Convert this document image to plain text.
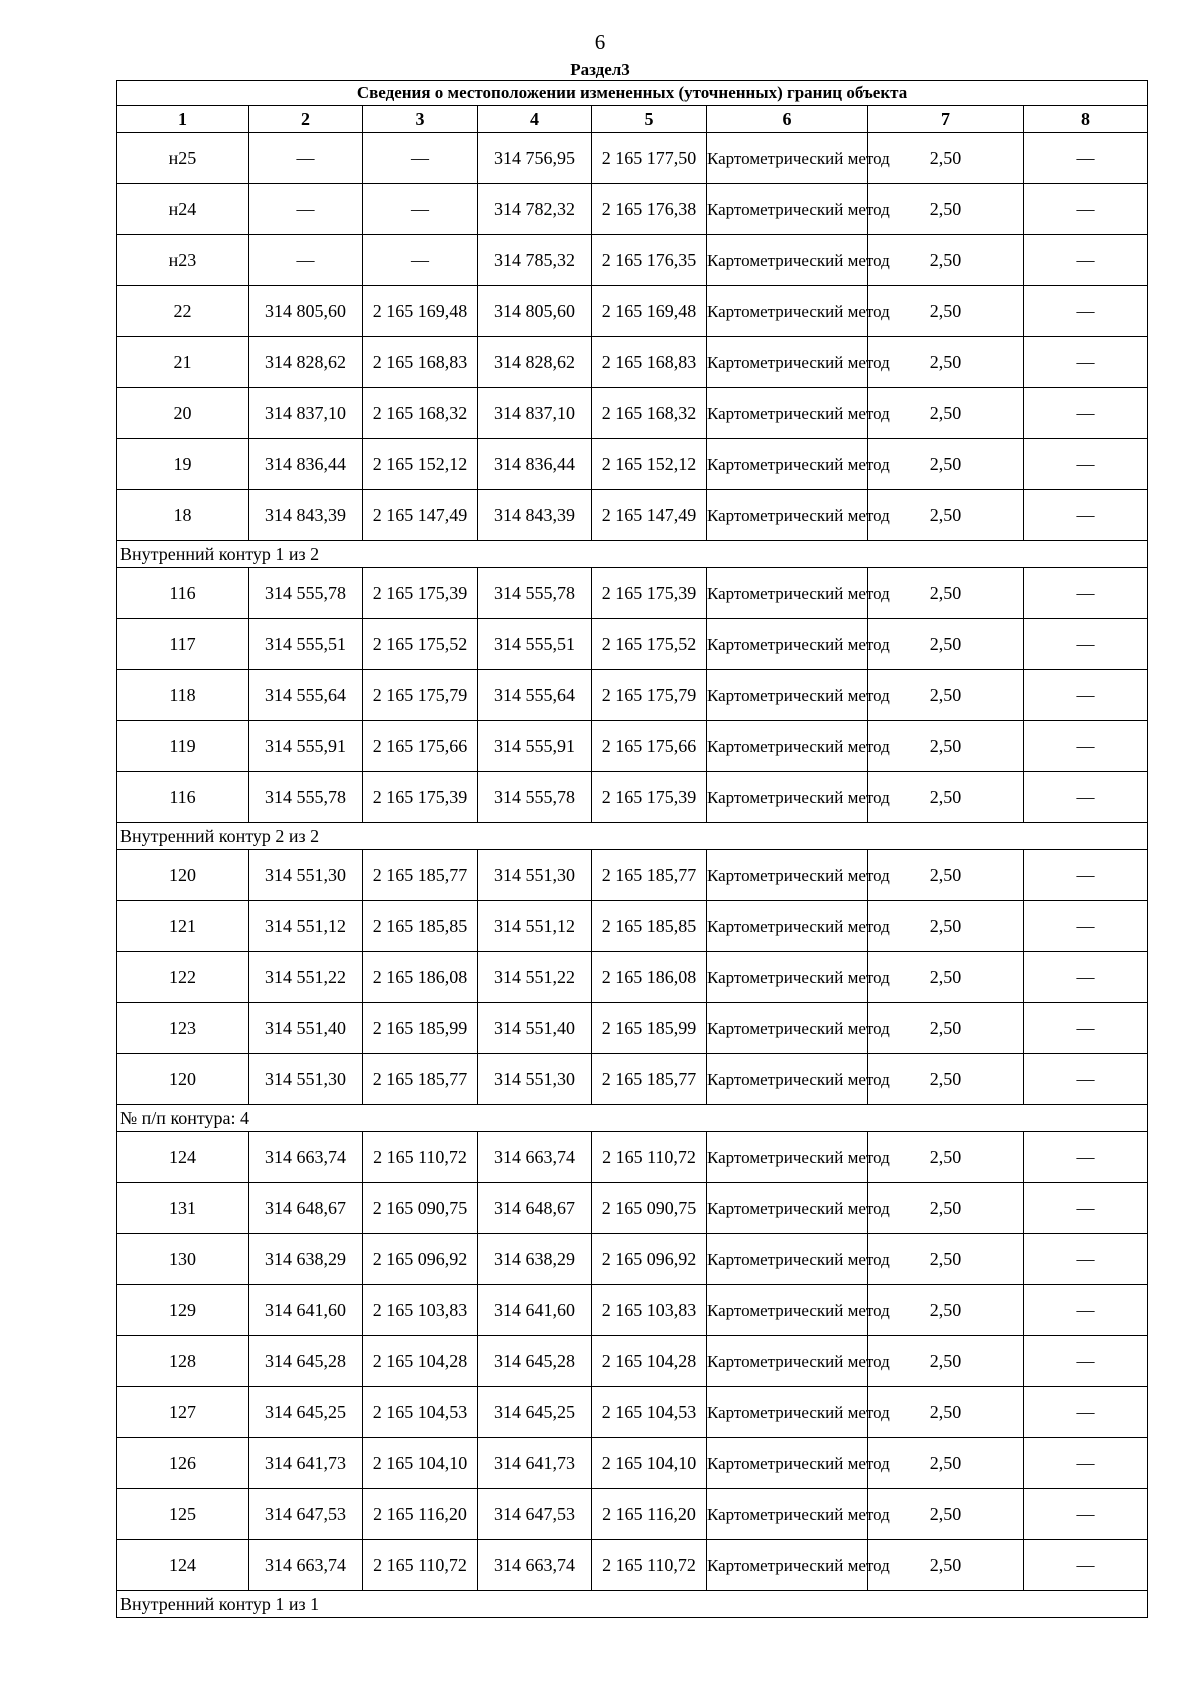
6
Раздел3
Сведения о местоположении измененных (уточненных) границ объекта							
1	2	3	4	5	6	7	8
н25	—	—	314 756,95	2 165 177,50	Картометрический метод	2,50	—
н24	—	—	314 782,32	2 165 176,38	Картометрический метод	2,50	—
н23	—	—	314 785,32	2 165 176,35	Картометрический метод	2,50	—
22	314 805,60	2 165 169,48	314 805,60	2 165 169,48	Картометрический метод	2,50	—
21	314 828,62	2 165 168,83	314 828,62	2 165 168,83	Картометрический метод	2,50	—
20	314 837,10	2 165 168,32	314 837,10	2 165 168,32	Картометрический метод	2,50	—
19	314 836,44	2 165 152,12	314 836,44	2 165 152,12	Картометрический метод	2,50	—
18	314 843,39	2 165 147,49	314 843,39	2 165 147,49	Картометрический метод	2,50	—
Внутренний контур 1 из 2							
116	314 555,78	2 165 175,39	314 555,78	2 165 175,39	Картометрический метод	2,50	—
117	314 555,51	2 165 175,52	314 555,51	2 165 175,52	Картометрический метод	2,50	—
118	314 555,64	2 165 175,79	314 555,64	2 165 175,79	Картометрический метод	2,50	—
119	314 555,91	2 165 175,66	314 555,91	2 165 175,66	Картометрический метод	2,50	—
116	314 555,78	2 165 175,39	314 555,78	2 165 175,39	Картометрический метод	2,50	—
Внутренний контур 2 из 2							
120	314 551,30	2 165 185,77	314 551,30	2 165 185,77	Картометрический метод	2,50	—
121	314 551,12	2 165 185,85	314 551,12	2 165 185,85	Картометрический метод	2,50	—
122	314 551,22	2 165 186,08	314 551,22	2 165 186,08	Картометрический метод	2,50	—
123	314 551,40	2 165 185,99	314 551,40	2 165 185,99	Картометрический метод	2,50	—
120	314 551,30	2 165 185,77	314 551,30	2 165 185,77	Картометрический метод	2,50	—
№ п/п контура: 4							
124	314 663,74	2 165 110,72	314 663,74	2 165 110,72	Картометрический метод	2,50	—
131	314 648,67	2 165 090,75	314 648,67	2 165 090,75	Картометрический метод	2,50	—
130	314 638,29	2 165 096,92	314 638,29	2 165 096,92	Картометрический метод	2,50	—
129	314 641,60	2 165 103,83	314 641,60	2 165 103,83	Картометрический метод	2,50	—
128	314 645,28	2 165 104,28	314 645,28	2 165 104,28	Картометрический метод	2,50	—
127	314 645,25	2 165 104,53	314 645,25	2 165 104,53	Картометрический метод	2,50	—
126	314 641,73	2 165 104,10	314 641,73	2 165 104,10	Картометрический метод	2,50	—
125	314 647,53	2 165 116,20	314 647,53	2 165 116,20	Картометрический метод	2,50	—
124	314 663,74	2 165 110,72	314 663,74	2 165 110,72	Картометрический метод	2,50	—
Внутренний контур 1 из 1							
